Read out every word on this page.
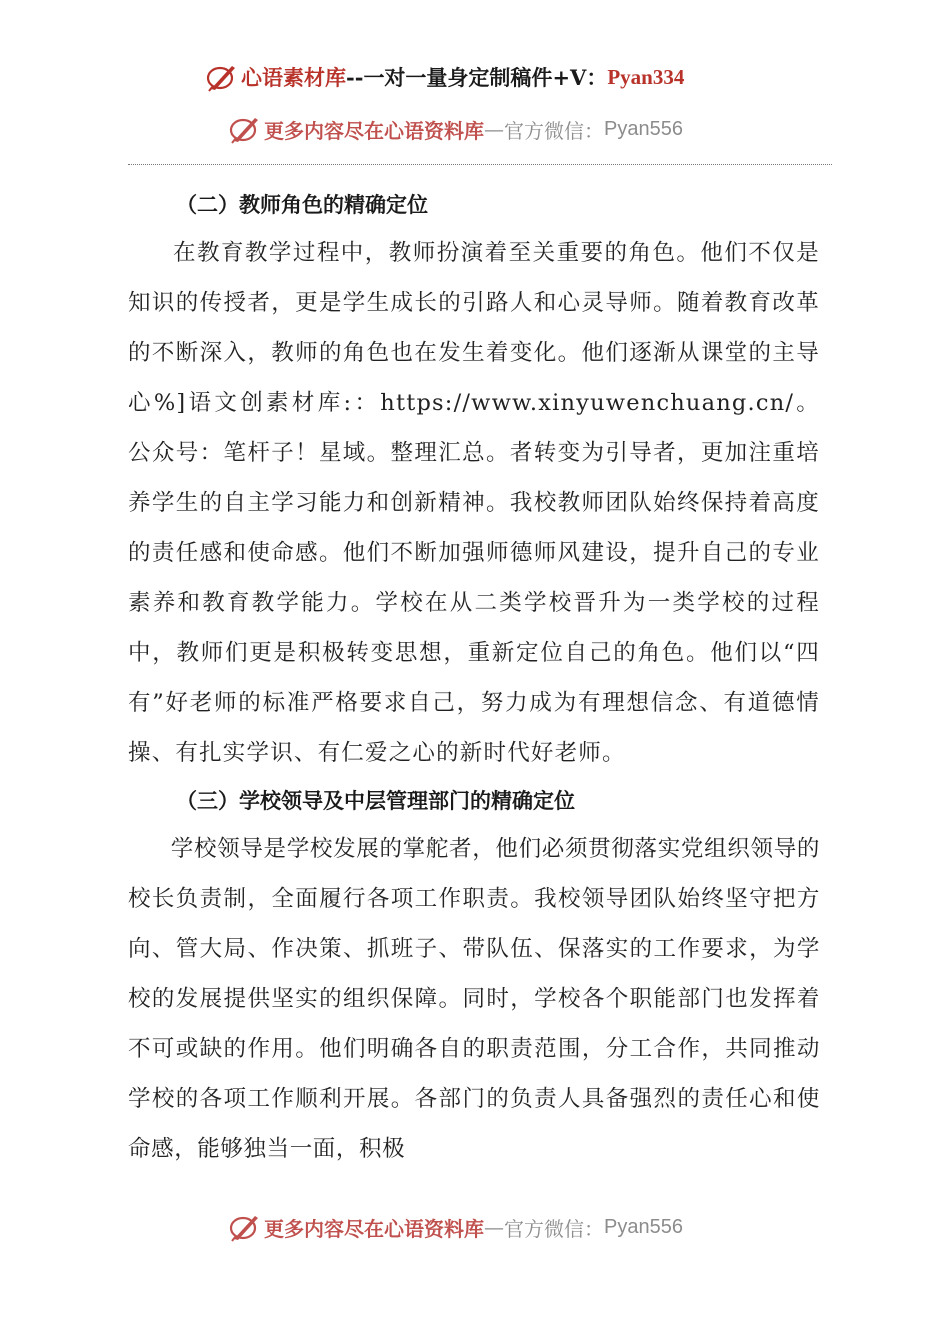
心语素材库 -- 一对一量身定制稿件 +V： Pyan334
更多内容尽在心语资料库 — 官方微信： Pyan556
（二）教师角色的精确定位

在教育教学过程中，教师扮演着至关重要的角色。他们不仅是知识的传授者，更是学生成长的引路人和心灵导师。随着教育改革的不断深入，教师的角色也在发生着变化。他们逐渐从课堂的主导心%]语文创素材库:：https://www.xinyuwenchuang.cn/。公众号：笔杆子！星域。整理汇总。者转变为引导者，更加注重培养学生的自主学习能力和创新精神。我校教师团队始终保持着高度的责任感和使命感。他们不断加强师德师风建设，提升自己的专业素养和教育教学能力。学校在从二类学校晋升为一类学校的过程中，教师们更是积极转变思想，重新定位自己的角色。他们以“四有”好老师的标准严格要求自己，努力成为有理想信念、有道德情操、有扎实学识、有仁爱之心的新时代好老师。

（三）学校领导及中层管理部门的精确定位

学校领导是学校发展的掌舵者，他们必须贯彻落实党组织领导的校长负责制，全面履行各项工作职责。我校领导团队始终坚守把方向、管大局、作决策、抓班子、带队伍、保落实的工作要求，为学校的发展提供坚实的组织保障。同时，学校各个职能部门也发挥着不可或缺的作用。他们明确各自的职责范围，分工合作，共同推动学校的各项工作顺利开展。各部门的负责人具备强烈的责任心和使命感，能够独当一面，积极

更多内容尽在心语资料库 — 官方微信： Pyan556
